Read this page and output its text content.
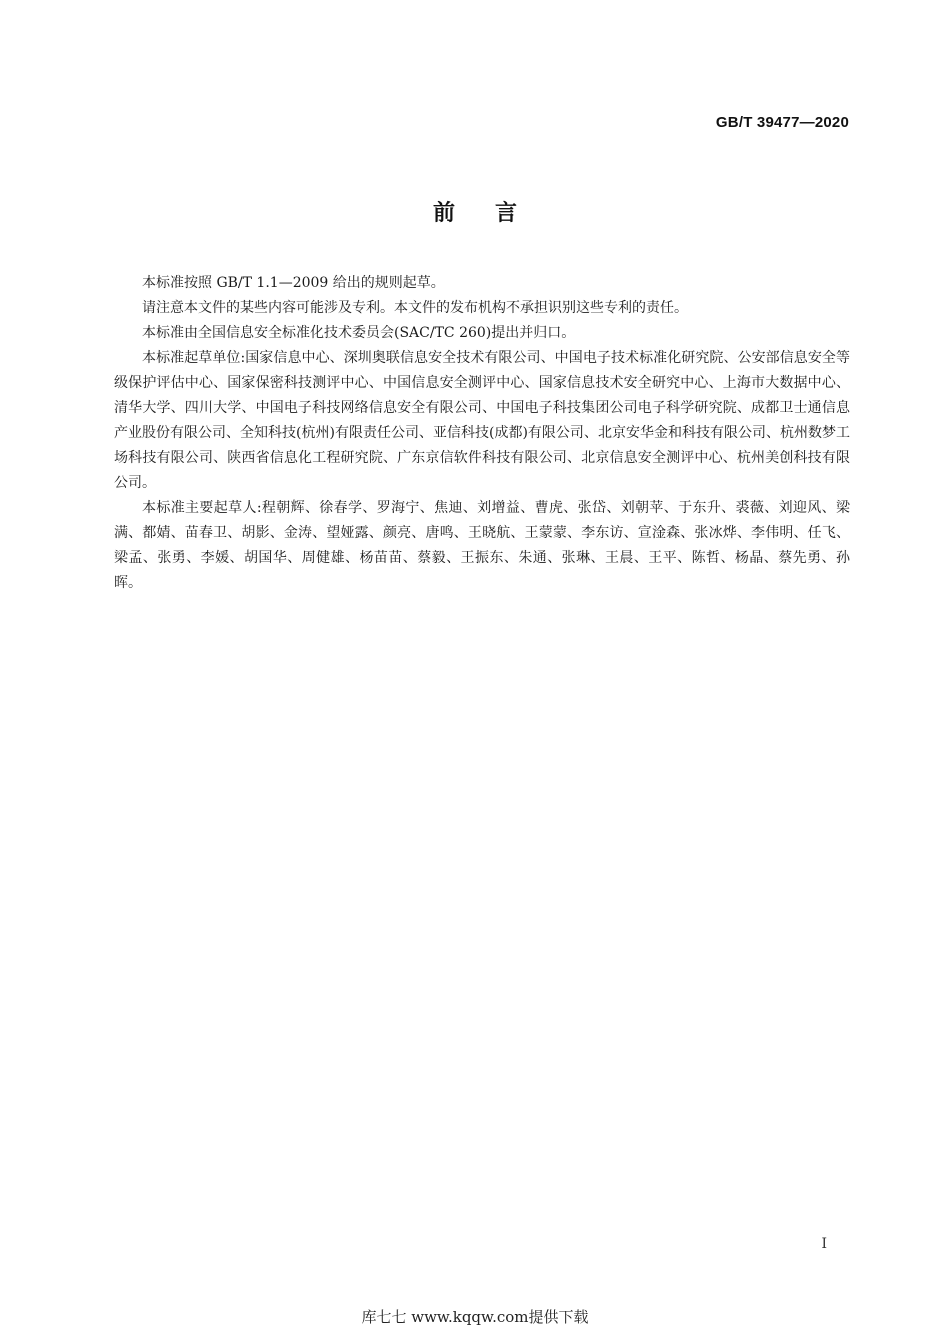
GB/T 39477—2020
前言

本标准按照 GB/T 1.1—2009 给出的规则起草。

请注意本文件的某些内容可能涉及专利。本文件的发布机构不承担识别这些专利的责任。

本标准由全国信息安全标准化技术委员会(SAC/TC 260)提出并归口。

本标准起草单位:国家信息中心、深圳奥联信息安全技术有限公司、中国电子技术标准化研究院、公安部信息安全等级保护评估中心、国家保密科技测评中心、中国信息安全测评中心、国家信息技术安全研究中心、上海市大数据中心、清华大学、四川大学、中国电子科技网络信息安全有限公司、中国电子科技集团公司电子科学研究院、成都卫士通信息产业股份有限公司、全知科技(杭州)有限责任公司、亚信科技(成都)有限公司、北京安华金和科技有限公司、杭州数梦工场科技有限公司、陕西省信息化工程研究院、广东京信软件科技有限公司、北京信息安全测评中心、杭州美创科技有限公司。

本标准主要起草人:程朝辉、徐春学、罗海宁、焦迪、刘增益、曹虎、张岱、刘朝苹、于东升、裘薇、刘迎风、梁满、都婧、苗春卫、胡影、金涛、望娅露、颜亮、唐鸣、王晓航、王蒙蒙、李东访、宣淦森、张冰烨、李伟明、任飞、梁孟、张勇、李媛、胡国华、周健雄、杨苗苗、蔡毅、王振东、朱通、张琳、王晨、王平、陈哲、杨晶、蔡先勇、孙晖。

I
库七七 www.kqqw.com提供下载
